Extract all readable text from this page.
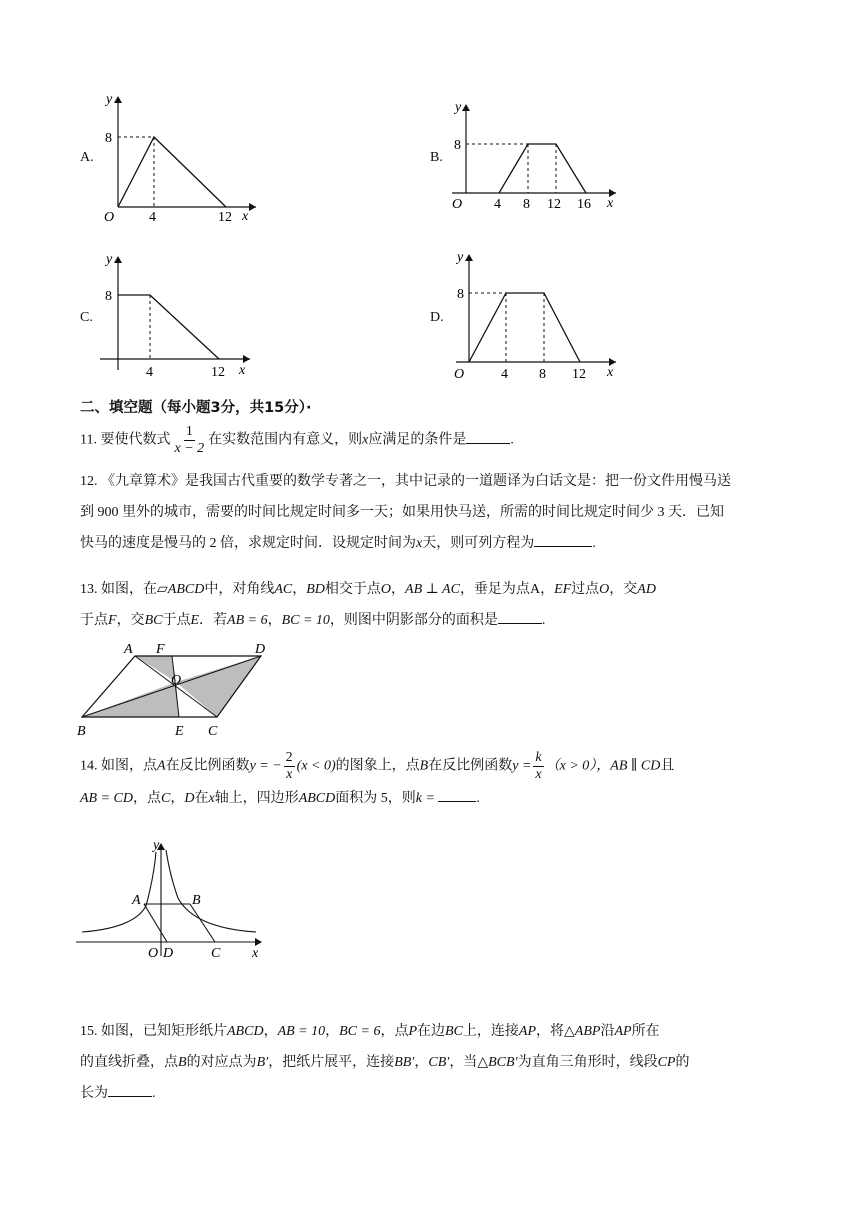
A.
8
O 4	12 x
y
B.
8
O 4 8 12 16 x
y
C.
8
4	12 x
y
D.
8
O	4 8 12 x
y
二、填空题（每小题3分，共15分）·
11. 要使代数式 $\frac{1}{x - 2}$ 在实数范围内有意义，则x应满足的条件是	.
12. 《九章算术》是我国古代重要的数学专著之一，其中记录的一道题译为白话文是：把一份文件用慢马送
到 900 里外的城市，需要的时间比规定时间多一天；如果用快马送，所需的时间比规定时间少 3 天．已知
快马的速度是慢马的 2 倍，求规定时间．设规定时间为x天，则可列方程为	.
13. 如图，在▱ABCD中，对角线AC，BD相交于点O，AB ⊥ AC，垂足为点A，EF过点O，交AD
于点F，交BC于点E．若AB = 6，BC = 10，则图中阴影部分的面积是	.
A F	D
O
B	E C
14. 如图，点A在反比例函数y = − $\frac{2}{x} (x < 0)$的图象上，点B在反比例函数$y = \frac{k}{x} (x > 0)$，AB ∥ CD且
AB = CD，点C，D在x轴上，四边形ABCD面积为 5，则k =	.
y
A	B
O D	C x
15. 如图，已知矩形纸片ABCD，AB = 10，BC = 6，点P在边BC上，连接AP，将△ABP沿AP所在
的直线折叠，点B的对应点为B′，把纸片展平，连接BB′，CB′，当△BCB′为直角三角形时，线段CP的
长为	.
